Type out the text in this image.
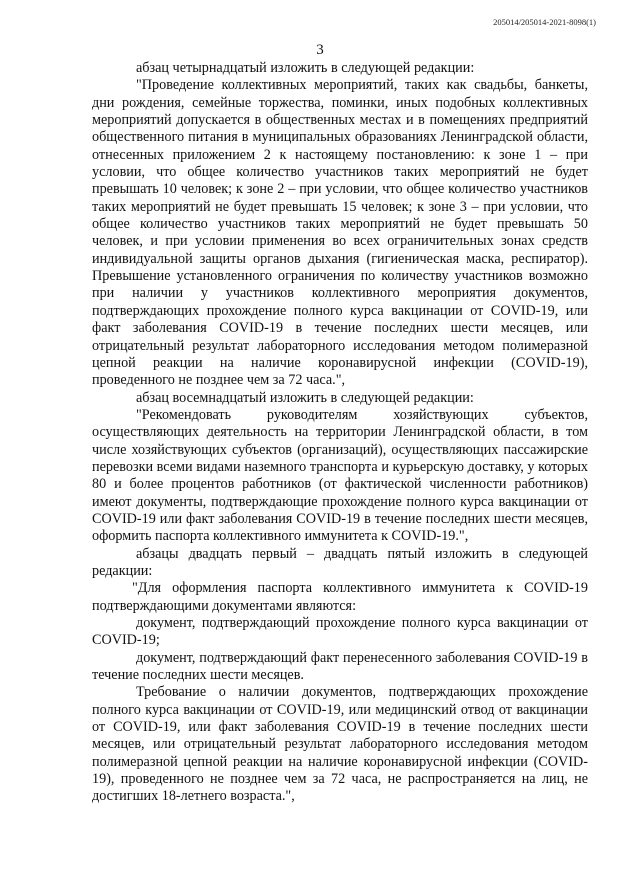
205014/205014-2021-8098(1)
3

абзац четырнадцатый изложить в следующей редакции:

"Проведение коллективных мероприятий, таких как свадьбы, банкеты, дни рождения, семейные торжества, поминки, иных подобных коллективных мероприятий допускается в общественных местах и в помещениях предприятий общественного питания в муниципальных образованиях Ленинградской области, отнесенных приложением 2 к настоящему постановлению: к зоне 1 – при условии, что общее количество участников таких мероприятий не будет превышать 10 человек; к зоне 2 – при условии, что общее количество участников таких мероприятий не будет превышать 15 человек; к зоне 3 – при условии, что общее количество участников таких мероприятий не будет превышать 50 человек, и при условии применения во всех ограничительных зонах средств индивидуальной защиты органов дыхания (гигиеническая маска, респиратор). Превышение установленного ограничения по количеству участников возможно при наличии у участников коллективного мероприятия документов, подтверждающих прохождение полного курса вакцинации от COVID-19, или факт заболевания COVID-19 в течение последних шести месяцев, или отрицательный результат лабораторного исследования методом полимеразной цепной реакции на наличие коронавирусной инфекции (COVID-19), проведенного не позднее чем за 72 часа.",

абзац восемнадцатый изложить в следующей редакции:

"Рекомендовать руководителям хозяйствующих субъектов, осуществляющих деятельность на территории Ленинградской области, в том числе хозяйствующих субъектов (организаций), осуществляющих пассажирские перевозки всеми видами наземного транспорта и курьерскую доставку, у которых 80 и более процентов работников (от фактической численности работников) имеют документы, подтверждающие прохождение полного курса вакцинации от COVID-19 или факт заболевания COVID-19 в течение последних шести месяцев, оформить паспорта коллективного иммунитета к COVID-19.",

абзацы двадцать первый – двадцать пятый изложить в следующей редакции:

"Для оформления паспорта коллективного иммунитета к COVID-19 подтверждающими документами являются:

документ, подтверждающий прохождение полного курса вакцинации от COVID-19;

документ, подтверждающий факт перенесенного заболевания COVID-19 в течение последних шести месяцев.

Требование о наличии документов, подтверждающих прохождение полного курса вакцинации от COVID-19, или медицинский отвод от вакцинации от COVID-19, или факт заболевания COVID-19 в течение последних шести месяцев, или отрицательный результат лабораторного исследования методом полимеразной цепной реакции на наличие коронавирусной инфекции (COVID-19), проведенного не позднее чем за 72 часа, не распространяется на лиц, не достигших 18-летнего возраста.",
